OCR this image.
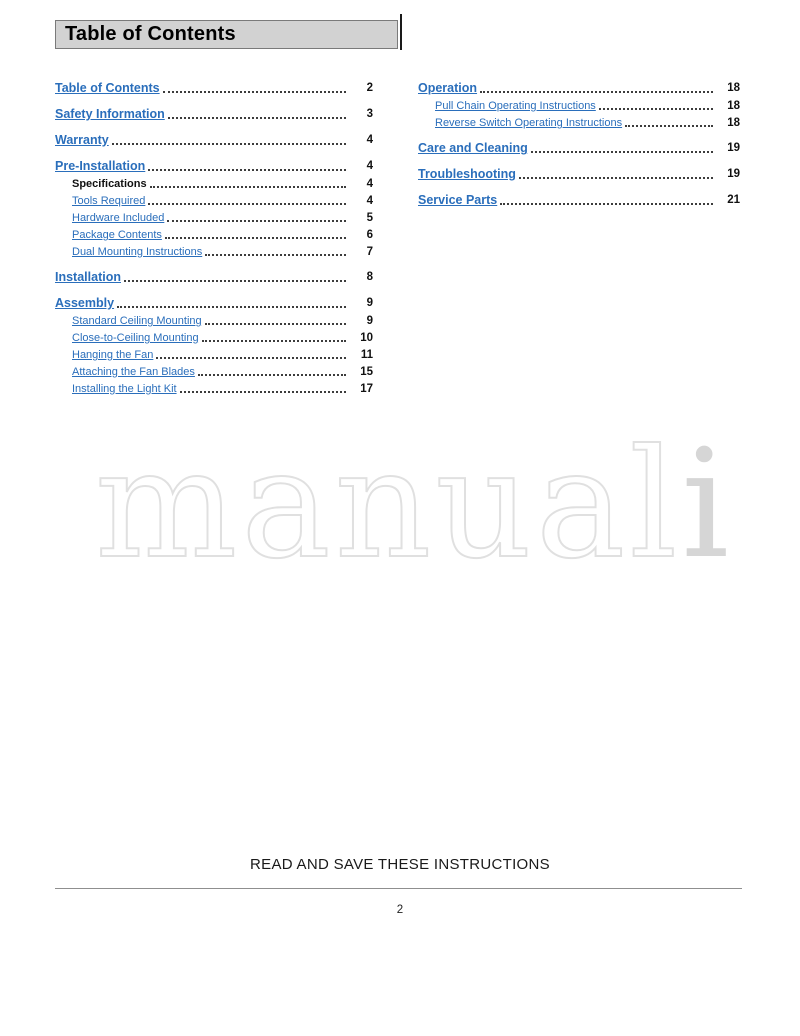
Table of Contents
Table of Contents	2
Safety Information	3
Warranty	4
Pre-Installation	4
Specifications	4
Tools Required	4
Hardware Included	5
Package Contents	6
Dual Mounting Instructions	7
Installation	8
Assembly	9
Standard Ceiling Mounting	9
Close-to-Ceiling Mounting	10
Hanging the Fan	11
Attaching the Fan Blades	15
Installing the Light Kit	17
Operation	18
Pull Chain Operating Instructions	18
Reverse Switch Operating Instructions	18
Care and Cleaning	19
Troubleshooting	19
Service Parts	21
manuali
READ AND SAVE THESE INSTRUCTIONS
2
